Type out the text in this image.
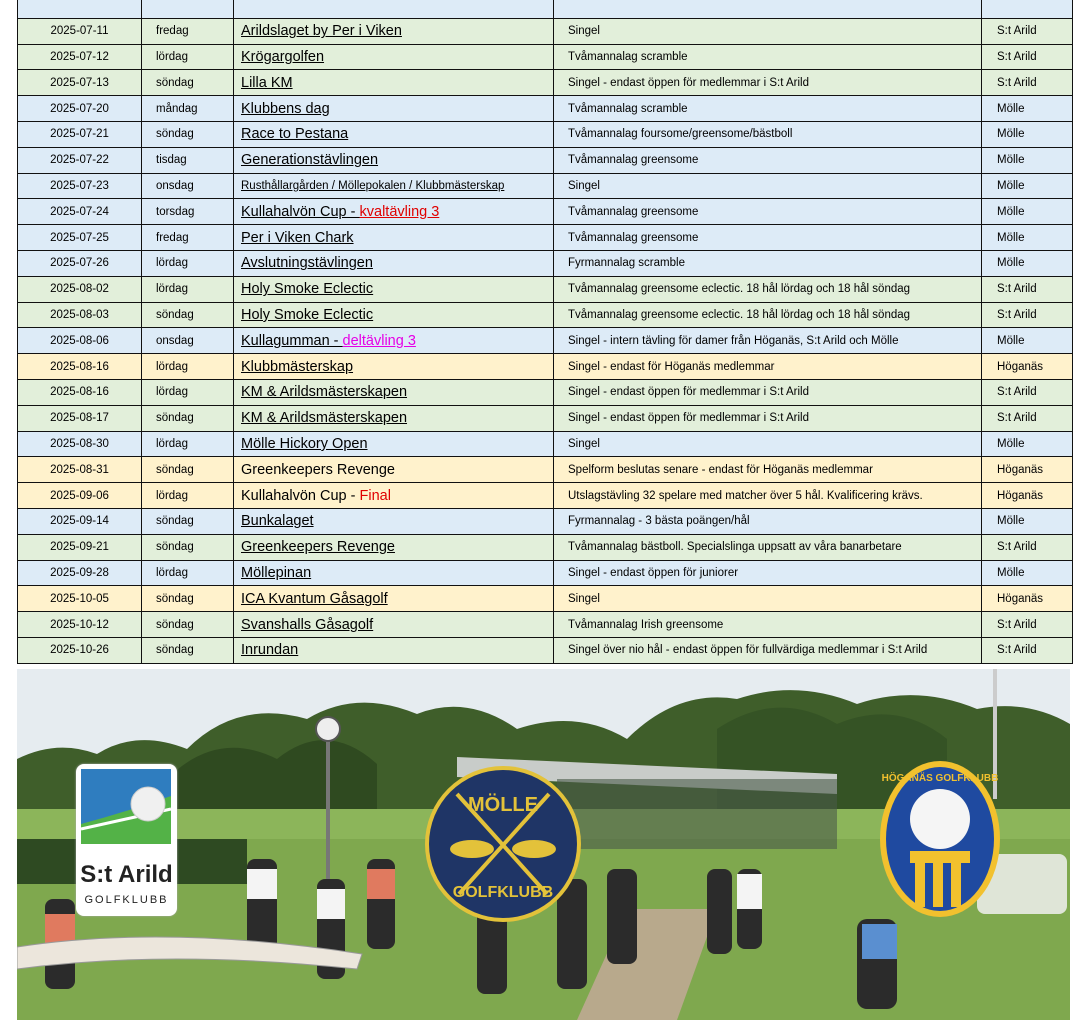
2025-07-11	fredag	Arildslaget by Per i Viken	Singel	S:t Arild
2025-07-12	lördag	Krögargolfen	Tvåmannalag scramble	S:t Arild
2025-07-13	söndag	Lilla KM	Singel - endast öppen för medlemmar i S:t Arild	S:t Arild
2025-07-20	måndag	Klubbens dag	Tvåmannalag scramble	Mölle
2025-07-21	söndag	Race to Pestana	Tvåmannalag foursome/greensome/bästboll	Mölle
2025-07-22	tisdag	Generationstävlingen	Tvåmannalag greensome	Mölle
2025-07-23	onsdag	Rusthållargården / Möllepokalen / Klubbmästerskap	Singel	Mölle
2025-07-24	torsdag	Kullahalvön Cup - kvaltävling 3	Tvåmannalag greensome	Mölle
2025-07-25	fredag	Per i Viken Chark	Tvåmannalag greensome	Mölle
2025-07-26	lördag	Avslutningstävlingen	Fyrmannalag scramble	Mölle
2025-08-02	lördag	Holy Smoke Eclectic	Tvåmannalag greensome eclectic. 18 hål lördag och 18 hål söndag	S:t Arild
2025-08-03	söndag	Holy Smoke Eclectic	Tvåmannalag greensome eclectic. 18 hål lördag och 18 hål söndag	S:t Arild
2025-08-06	onsdag	Kullagumman - deltävling 3	Singel - intern tävling för damer från Höganäs, S:t Arild och Mölle	Mölle
2025-08-16	lördag	Klubbmästerskap	Singel - endast för Höganäs medlemmar	Höganäs
2025-08-16	lördag	KM & Arildsmästerskapen	Singel - endast öppen för medlemmar i S:t Arild	S:t Arild
2025-08-17	söndag	KM & Arildsmästerskapen	Singel - endast öppen för medlemmar i S:t Arild	S:t Arild
2025-08-30	lördag	Mölle Hickory Open	Singel	Mölle
2025-08-31	söndag	Greenkeepers Revenge	Spelform beslutas senare - endast för Höganäs medlemmar	Höganäs
2025-09-06	lördag	Kullahalvön Cup - Final	Utslagstävling 32 spelare med matcher över 5 hål. Kvalificering krävs.	Höganäs
2025-09-14	söndag	Bunkalaget	Fyrmannalag - 3 bästa poängen/hål	Mölle
2025-09-21	söndag	Greenkeepers Revenge	Tvåmannalag bästboll. Specialslinga uppsatt av våra banarbetare	S:t Arild
2025-09-28	lördag	Möllepinan	Singel - endast öppen för juniorer	Mölle
2025-10-05	söndag	ICA Kvantum Gåsagolf	Singel	Höganäs
2025-10-12	söndag	Svanshalls Gåsagolf	Tvåmannalag Irish greensome	S:t Arild
2025-10-26	söndag	Inrundan	Singel över nio hål - endast öppen för fullvärdiga medlemmar i S:t Arild	S:t Arild
MÖLLE
GOLFKLUBB
HÖGANÄS GOLFKLUBB
S:t Arild
GOLFKLUBB
